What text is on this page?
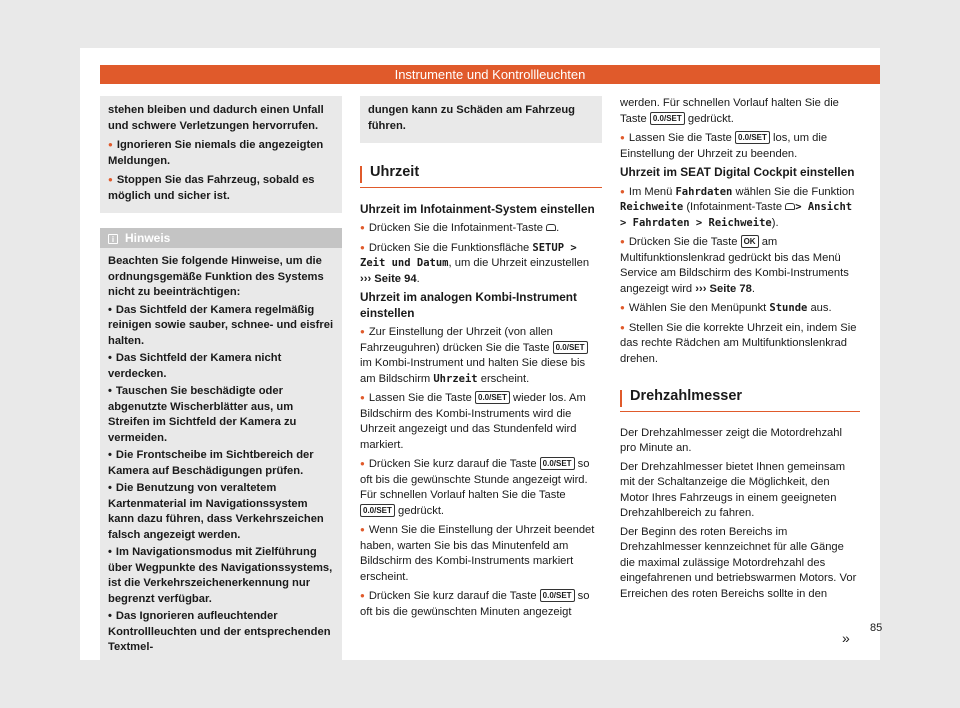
Instrumente und Kontrollleuchten

stehen bleiben und dadurch einen Unfall und schwere Verletzungen hervorrufen.

● Ignorieren Sie niemals die angezeigten Meldungen.

● Stoppen Sie das Fahrzeug, sobald es möglich und sicher ist.

i Hinweis

Beachten Sie folgende Hinweise, um die ordnungsgemäße Funktion des Systems nicht zu beeinträchtigen:

• Das Sichtfeld der Kamera regelmäßig reinigen sowie sauber, schnee- und eisfrei halten.

• Das Sichtfeld der Kamera nicht verdecken.

• Tauschen Sie beschädigte oder abgenutzte Wischerblätter aus, um Streifen im Sichtfeld der Kamera zu vermeiden.

• Die Frontscheibe im Sichtbereich der Kamera auf Beschädigungen prüfen.

• Die Benutzung von veraltetem Kartenmaterial im Navigationssystem kann dazu führen, dass Verkehrszeichen falsch angezeigt werden.

• Im Navigationsmodus mit Zielführung über Wegpunkte des Navigationssystems, ist die Verkehrszeichenerkennung nur begrenzt verfügbar.

• Das Ignorieren aufleuchtender Kontrollleuchten und der entsprechenden Textmel-

dungen kann zu Schäden am Fahrzeug führen.

Uhrzeit

Uhrzeit im Infotainment-System einstellen

● Drücken Sie die Infotainment-Taste .

● Drücken Sie die Funktionsfläche SETUP > Zeit und Datum, um die Uhrzeit einzustellen ››› Seite 94.

Uhrzeit im analogen Kombi-Instrument einstellen

● Zur Einstellung der Uhrzeit (von allen Fahrzeuguhren) drücken Sie die Taste 0.0/SET im Kombi-Instrument und halten Sie diese bis am Bildschirm Uhrzeit erscheint.

● Lassen Sie die Taste 0.0/SET wieder los. Am Bildschirm des Kombi-Instruments wird die Uhrzeit angezeigt und das Stundenfeld wird markiert.

● Drücken Sie kurz darauf die Taste 0.0/SET so oft bis die gewünschte Stunde angezeigt wird. Für schnellen Vorlauf halten Sie die Taste 0.0/SET gedrückt.

● Wenn Sie die Einstellung der Uhrzeit beendet haben, warten Sie bis das Minutenfeld am Bildschirm des Kombi-Instruments markiert erscheint.

● Drücken Sie kurz darauf die Taste 0.0/SET so oft bis die gewünschten Minuten angezeigt

werden. Für schnellen Vorlauf halten Sie die Taste 0.0/SET gedrückt.

● Lassen Sie die Taste 0.0/SET los, um die Einstellung der Uhrzeit zu beenden.

Uhrzeit im SEAT Digital Cockpit einstellen

● Im Menü Fahrdaten wählen Sie die Funktion Reichweite (Infotainment-Taste > Ansicht > Fahrdaten > Reichweite).

● Drücken Sie die Taste OK am Multifunktionslenkrad gedrückt bis das Menü Service am Bildschirm des Kombi-Instruments angezeigt wird ››› Seite 78.

● Wählen Sie den Menüpunkt Stunde aus.

● Stellen Sie die korrekte Uhrzeit ein, indem Sie das rechte Rädchen am Multifunktionslenkrad drehen.

Drehzahlmesser

Der Drehzahlmesser zeigt die Motordrehzahl pro Minute an.

Der Drehzahlmesser bietet Ihnen gemeinsam mit der Schaltanzeige die Möglichkeit, den Motor Ihres Fahrzeugs in einem geeigneten Drehzahlbereich zu fahren.

Der Beginn des roten Bereichs im Drehzahlmesser kennzeichnet für alle Gänge die maximal zulässige Motordrehzahl des eingefahrenen und betriebswarmen Motors. Vor Erreichen des roten Bereichs sollte in den

»
85
